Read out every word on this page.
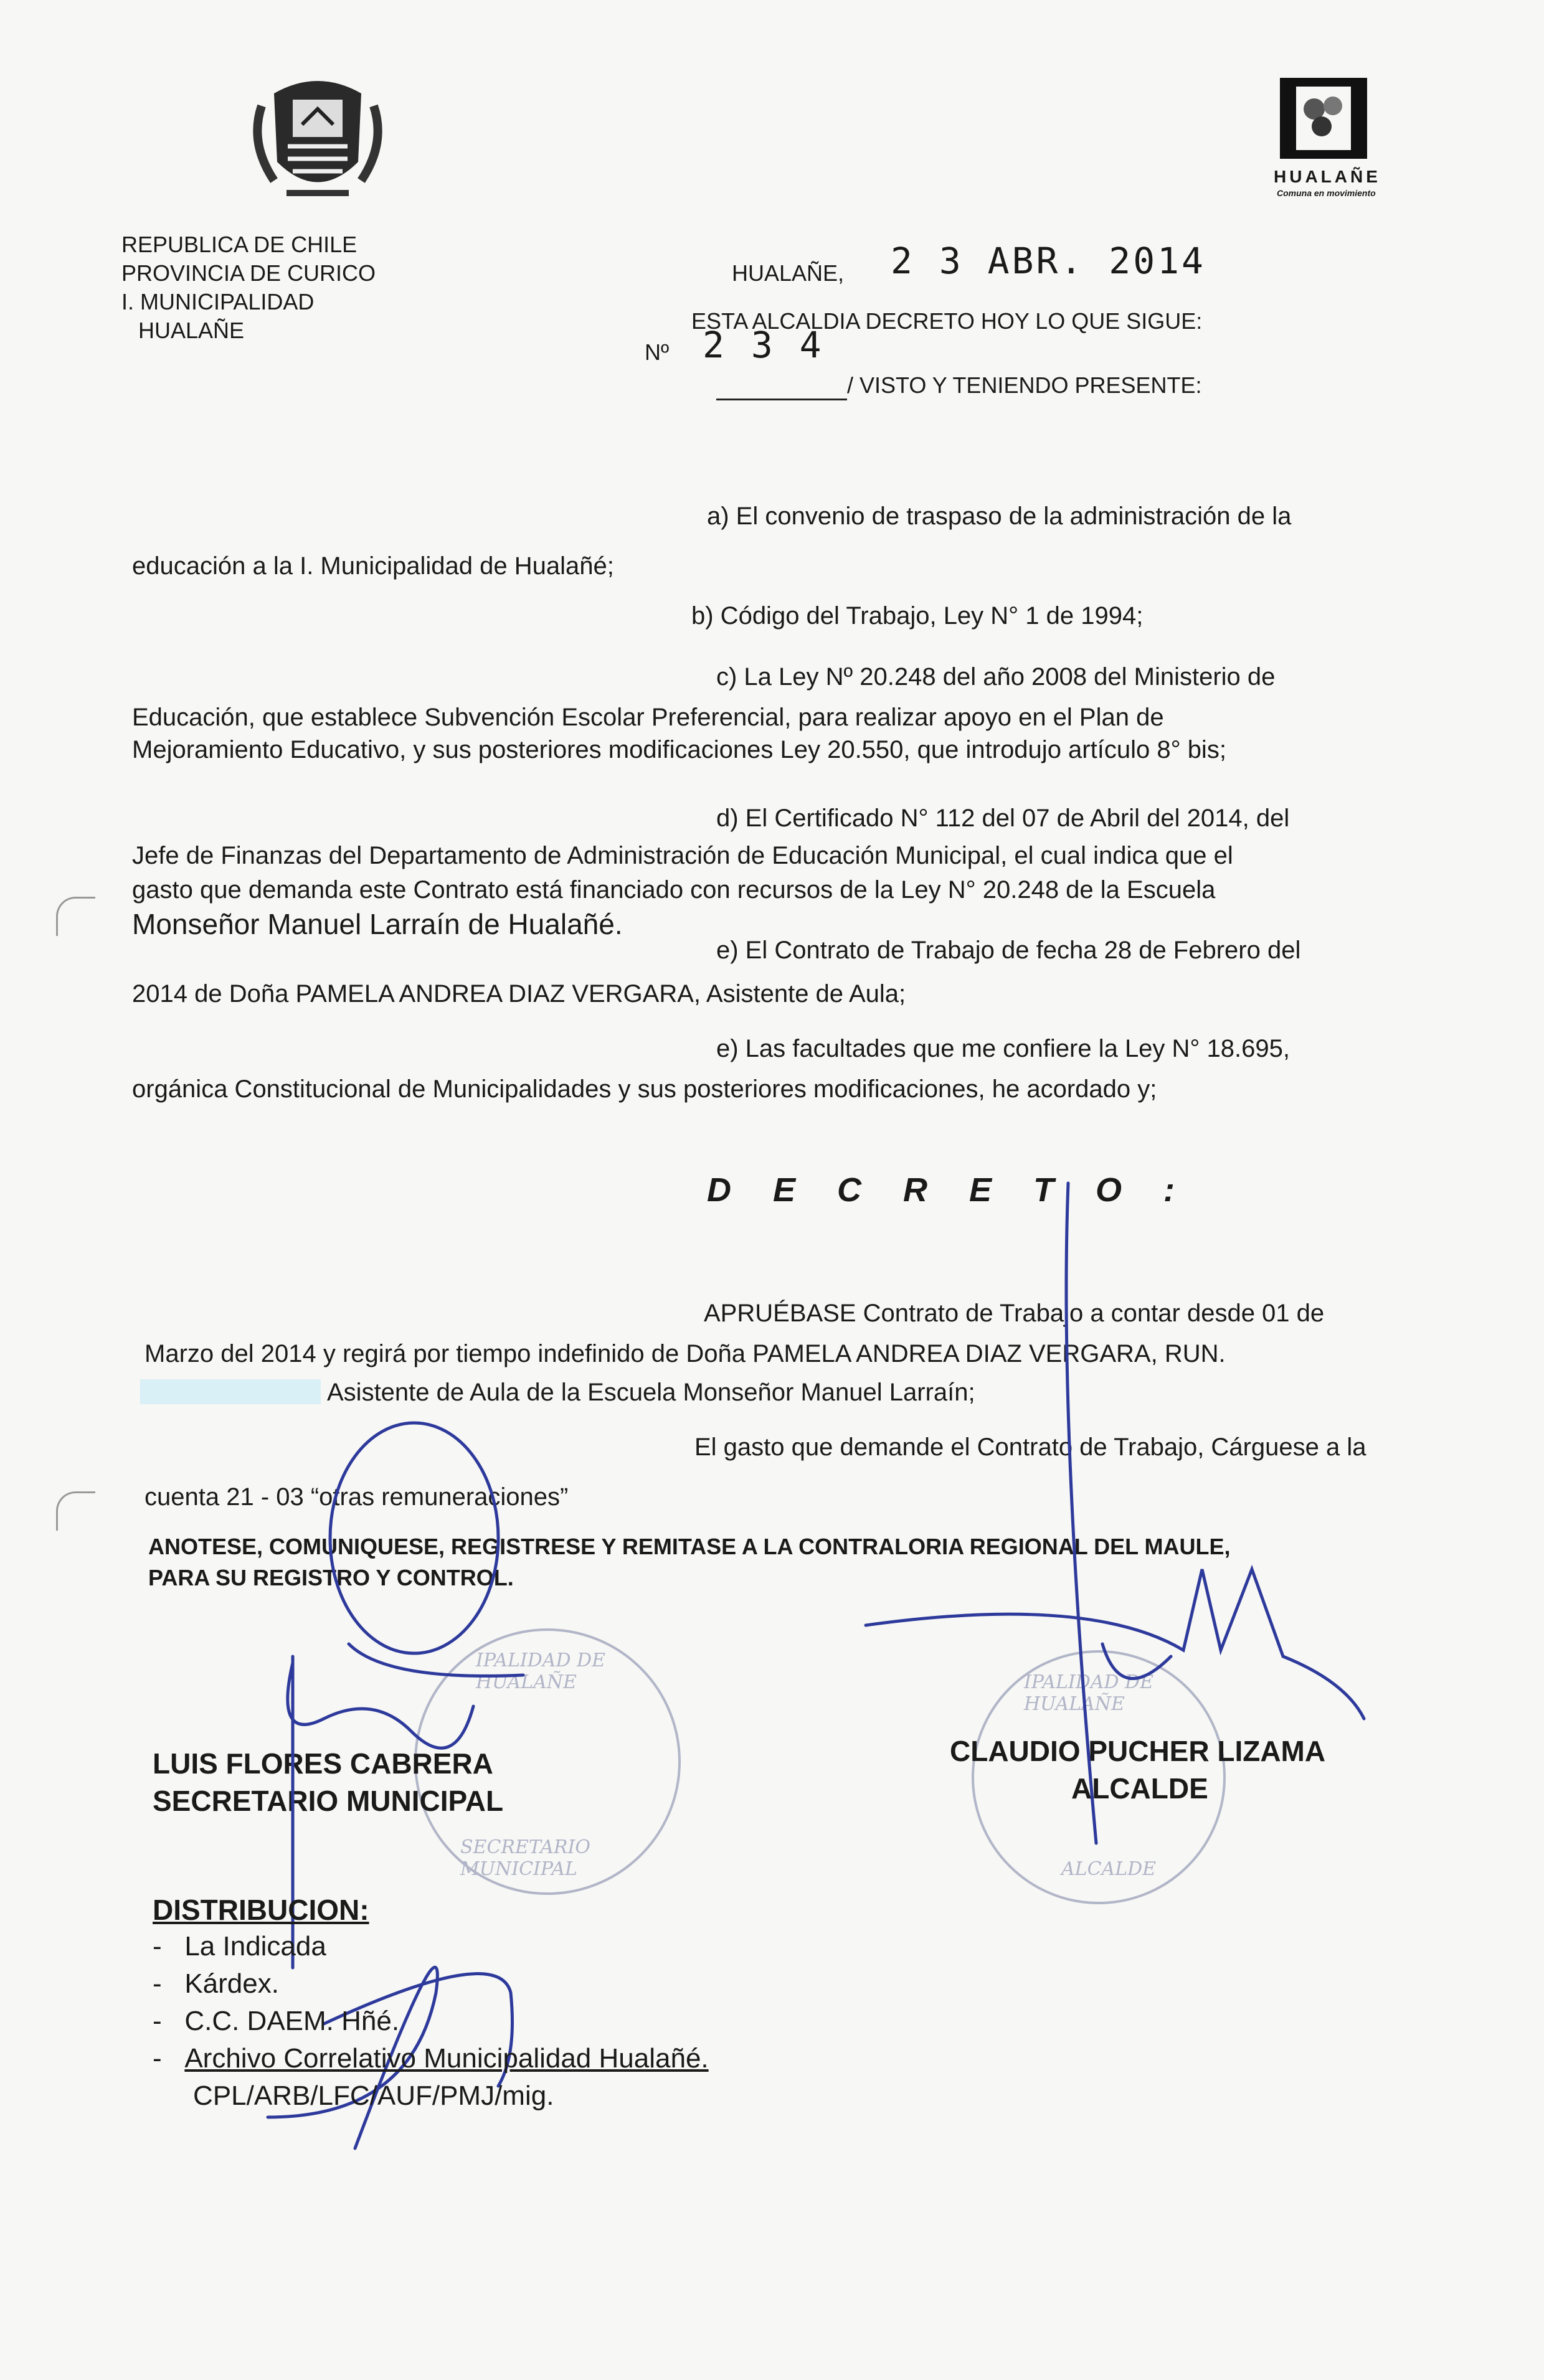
REPUBLICA DE CHILE
PROVINCIA DE CURICO
I. MUNICIPALIDAD
HUALAÑE
HUALAÑE
Comuna en movimiento
HUALAÑE, 2 3 ABR. 2014
ESTA ALCALDIA DECRETO HOY LO QUE SIGUE:
Nº 2 3 4
/ VISTO Y TENIENDO PRESENTE:
a) El convenio de traspaso de la administración de la
educación a la I. Municipalidad de Hualañé;
b) Código del Trabajo, Ley N° 1 de 1994;
c) La Ley Nº 20.248 del año 2008 del Ministerio de
Educación, que establece Subvención Escolar Preferencial, para realizar apoyo en el Plan de
Mejoramiento Educativo, y sus posteriores modificaciones Ley 20.550, que introdujo artículo 8° bis;
d) El Certificado N° 112 del 07 de Abril del 2014, del
Jefe de Finanzas del Departamento de Administración de Educación Municipal, el cual indica que el
gasto que demanda este Contrato está financiado con recursos de la Ley N° 20.248 de la Escuela
Monseñor Manuel Larraín de Hualañé.
e) El Contrato de Trabajo de fecha 28 de Febrero del
2014 de Doña PAMELA ANDREA DIAZ VERGARA, Asistente de Aula;
e) Las facultades que me confiere la Ley N° 18.695,
orgánica Constitucional de Municipalidades y sus posteriores modificaciones, he acordado y;
D E C R E T O :
APRUÉBASE Contrato de Trabajo a contar desde 01 de
Marzo del 2014 y regirá por tiempo indefinido de Doña PAMELA ANDREA DIAZ VERGARA, RUN.
Asistente de Aula de la Escuela Monseñor Manuel Larraín;
El gasto que demande el Contrato de Trabajo, Cárguese a la
cuenta 21 - 03 “otras remuneraciones”
ANOTESE, COMUNIQUESE, REGISTRESE Y REMITASE A LA CONTRALORIA REGIONAL DEL MAULE,
PARA SU REGISTRO Y CONTROL.
IPALIDAD DE HUALAÑE
SECRETARIO MUNICIPAL
IPALIDAD DE HUALAÑE
ALCALDE
LUIS FLORES CABRERA
SECRETARIO MUNICIPAL
CLAUDIO PUCHER LIZAMA
ALCALDE
DISTRIBUCION:
-   La Indicada
-   Kárdex.
-   C.C. DAEM. Hñé.
-   Archivo Correlativo Municipalidad Hualañé.
CPL/ARB/LFC/AUF/PMJ/mig.
